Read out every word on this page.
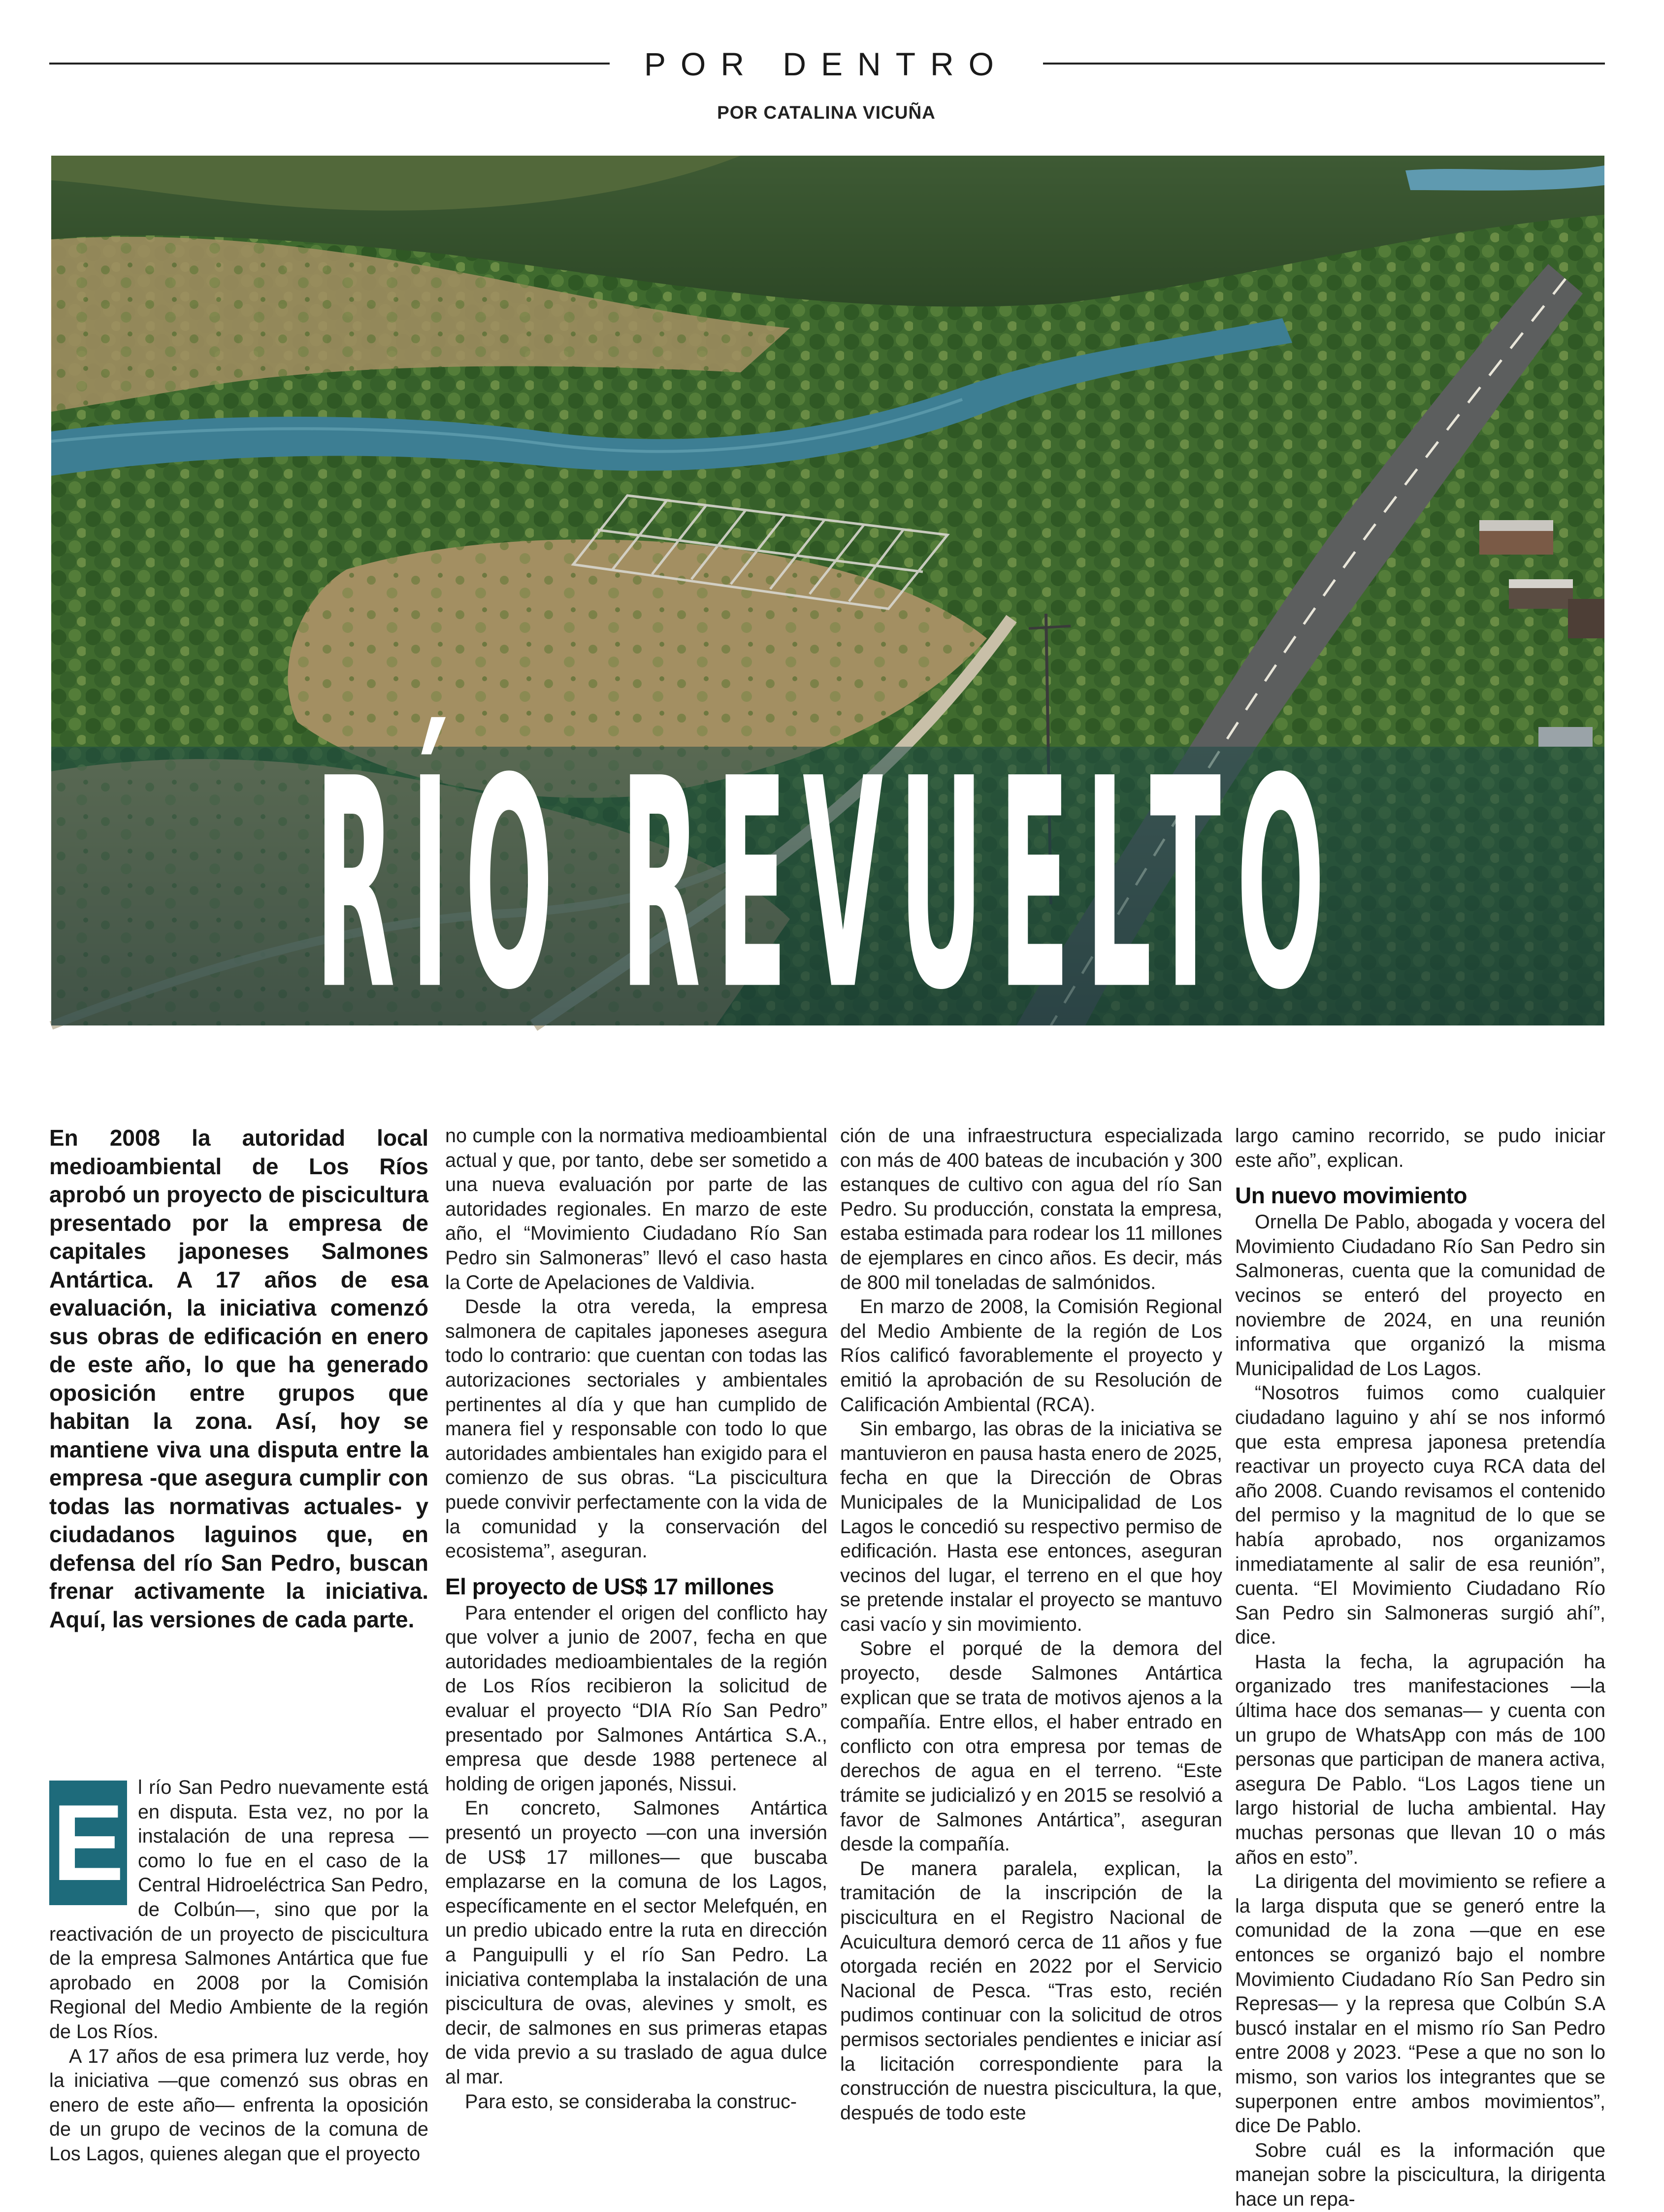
POR DENTRO
POR CATALINA VICUÑA
RÍO REVUELTO

En 2008 la autoridad local medioambiental de Los Ríos aprobó un proyecto de piscicultura presentado por la empresa de capitales japoneses Salmones Antártica. A 17 años de esa evaluación, la iniciativa comenzó sus obras de edificación en enero de este año, lo que ha generado oposición entre grupos que habitan la zona. Así, hoy se mantiene viva una disputa entre la empresa -que asegura cumplir con todas las normativas actuales- y ciudadanos laguinos que, en defensa del río San Pedro, buscan frenar activamente la iniciativa. Aquí, las versiones de cada parte.

E l río San Pedro nuevamente está en disputa. Esta vez, no por la instalación de una represa —como lo fue en el caso de la Central Hidroeléctrica San Pedro, de Colbún—, sino que por la reactivación de un proyecto de piscicultura de la empresa Salmones Antártica que fue aprobado en 2008 por la Comisión Regional del Medio Ambiente de la región de Los Ríos.

A 17 años de esa primera luz verde, hoy la iniciativa —que comenzó sus obras en enero de este año— enfrenta la oposición de un grupo de vecinos de la comuna de Los Lagos, quienes alegan que el proyecto

no cumple con la normativa medioambiental actual y que, por tanto, debe ser sometido a una nueva evaluación por parte de las autoridades regionales. En marzo de este año, el “Movimiento Ciudadano Río San Pedro sin Salmoneras” llevó el caso hasta la Corte de Apelaciones de Valdivia.

Desde la otra vereda, la empresa salmonera de capitales japoneses asegura todo lo contrario: que cuentan con todas las autorizaciones sectoriales y ambientales pertinentes al día y que han cumplido de manera fiel y responsable con todo lo que autoridades ambientales han exigido para el comienzo de sus obras. “La piscicultura puede convivir perfectamente con la vida de la comunidad y la conservación del ecosistema”, aseguran.

El proyecto de US$ 17 millones

Para entender el origen del conflicto hay que volver a junio de 2007, fecha en que autoridades medioambientales de la región de Los Ríos recibieron la solicitud de evaluar el proyecto “DIA Río San Pedro” presentado por Salmones Antártica S.A., empresa que desde 1988 pertenece al holding de origen japonés, Nissui.

En concreto, Salmones Antártica presentó un proyecto —con una inversión de US$ 17 millones— que buscaba emplazarse en la comuna de los Lagos, específicamente en el sector Melefquén, en un predio ubicado entre la ruta en dirección a Panguipulli y el río San Pedro. La iniciativa contemplaba la instalación de una piscicultura de ovas, alevines y smolt, es decir, de salmones en sus primeras etapas de vida previo a su traslado de agua dulce al mar.

Para esto, se consideraba la construc-

ción de una infraestructura especializada con más de 400 bateas de incubación y 300 estanques de cultivo con agua del río San Pedro. Su producción, constata la empresa, estaba estimada para rodear los 11 millones de ejemplares en cinco años. Es decir, más de 800 mil toneladas de salmónidos.

En marzo de 2008, la Comisión Regional del Medio Ambiente de la región de Los Ríos calificó favorablemente el proyecto y emitió la aprobación de su Resolución de Calificación Ambiental (RCA).

Sin embargo, las obras de la iniciativa se mantuvieron en pausa hasta enero de 2025, fecha en que la Dirección de Obras Municipales de la Municipalidad de Los Lagos le concedió su respectivo permiso de edificación. Hasta ese entonces, aseguran vecinos del lugar, el terreno en el que hoy se pretende instalar el proyecto se mantuvo casi vacío y sin movimiento.

Sobre el porqué de la demora del proyecto, desde Salmones Antártica explican que se trata de motivos ajenos a la compañía. Entre ellos, el haber entrado en conflicto con otra empresa por temas de derechos de agua en el terreno. “Este trámite se judicializó y en 2015 se resolvió a favor de Salmones Antártica”, aseguran desde la compañía.

De manera paralela, explican, la tramitación de la inscripción de la piscicultura en el Registro Nacional de Acuicultura demoró cerca de 11 años y fue otorgada recién en 2022 por el Servicio Nacional de Pesca. “Tras esto, recién pudimos continuar con la solicitud de otros permisos sectoriales pendientes e iniciar así la licitación correspondiente para la construcción de nuestra piscicultura, la que, después de todo este

largo camino recorrido, se pudo iniciar este año”, explican.

Un nuevo movimiento

Ornella De Pablo, abogada y vocera del Movimiento Ciudadano Río San Pedro sin Salmoneras, cuenta que la comunidad de vecinos se enteró del proyecto en noviembre de 2024, en una reunión informativa que organizó la misma Municipalidad de Los Lagos.

“Nosotros fuimos como cualquier ciudadano laguino y ahí se nos informó que esta empresa japonesa pretendía reactivar un proyecto cuya RCA data del año 2008. Cuando revisamos el contenido del permiso y la magnitud de lo que se había aprobado, nos organizamos inmediatamente al salir de esa reunión”, cuenta. “El Movimiento Ciudadano Río San Pedro sin Salmoneras surgió ahí”, dice.

Hasta la fecha, la agrupación ha organizado tres manifestaciones —la última hace dos semanas— y cuenta con un grupo de WhatsApp con más de 100 personas que participan de manera activa, asegura De Pablo. “Los Lagos tiene un largo historial de lucha ambiental. Hay muchas personas que llevan 10 o más años en esto”.

La dirigenta del movimiento se refiere a la larga disputa que se generó entre la comunidad de la zona —que en ese entonces se organizó bajo el nombre Movimiento Ciudadano Río San Pedro sin Represas— y la represa que Colbún S.A buscó instalar en el mismo río San Pedro entre 2008 y 2023. “Pese a que no son lo mismo, son varios los integrantes que se superponen entre ambos movimientos”, dice De Pablo.

Sobre cuál es la información que manejan sobre la piscicultura, la dirigenta hace un repa-
